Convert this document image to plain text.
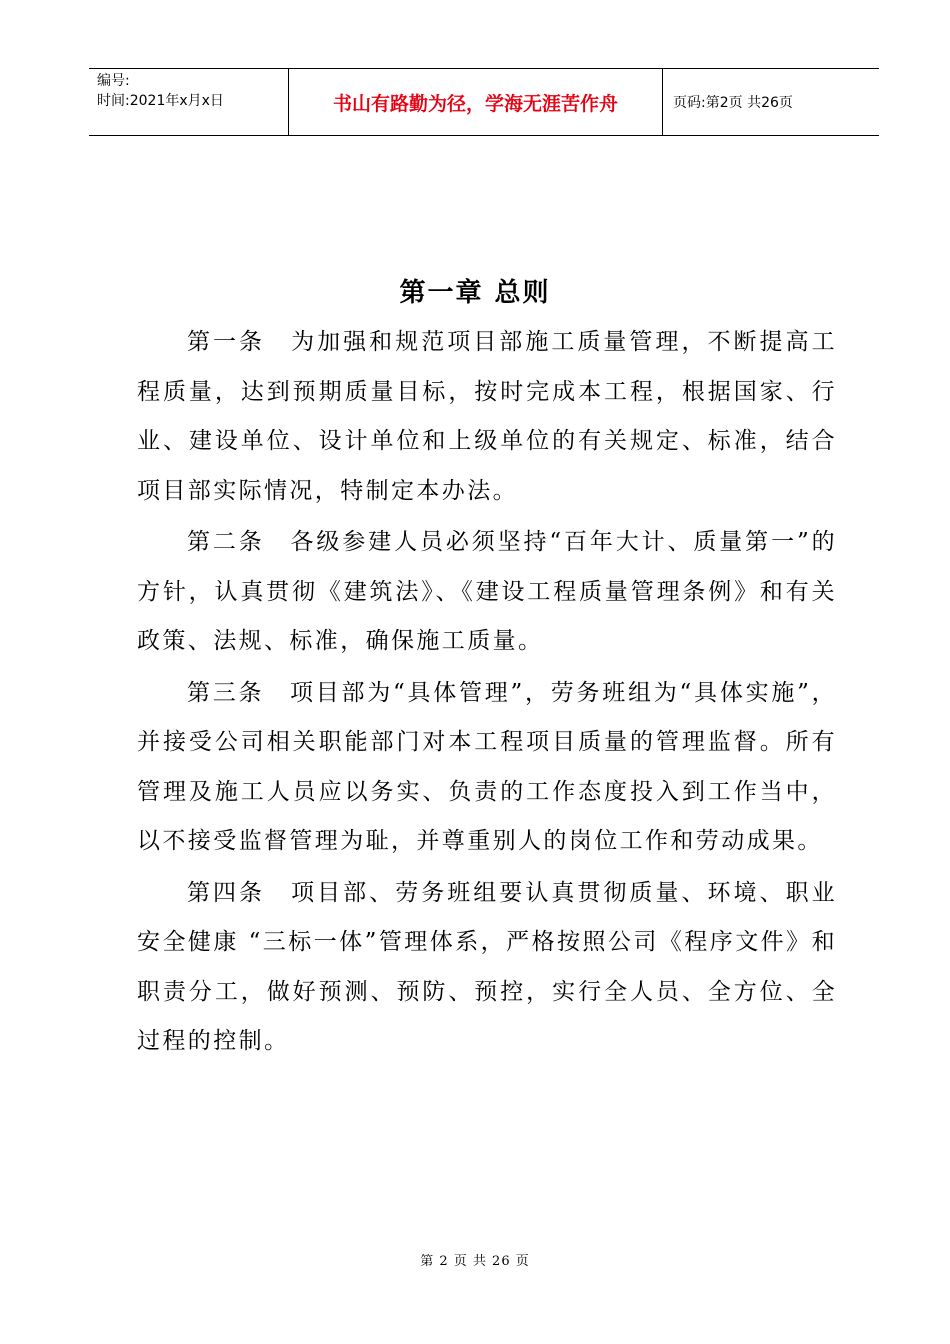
编号:
时间:2021年x月x日	书山有路勤为径，学海无涯苦作舟	页码:第2页 共26页
第一章 总则

第一条　为加强和规范项目部施工质量管理，不断提高工程质量，达到预期质量目标，按时完成本工程，根据国家、行业、建设单位、设计单位和上级单位的有关规定、标准，结合项目部实际情况，特制定本办法。

第二条　各级参建人员必须坚持“百年大计、质量第一”的方针，认真贯彻《建筑法》、《建设工程质量管理条例》和有关政策、法规、标准，确保施工质量。

第三条　项目部为“具体管理”，劳务班组为“具体实施”，并接受公司相关职能部门对本工程项目质量的管理监督。所有管理及施工人员应以务实、负责的工作态度投入到工作当中，以不接受监督管理为耻，并尊重别人的岗位工作和劳动成果。

第四条　项目部、劳务班组要认真贯彻质量、环境、职业安全健康 “三标一体”管理体系，严格按照公司《程序文件》和职责分工，做好预测、预防、预控，实行全人员、全方位、全过程的控制。

第 2 页 共 26 页
